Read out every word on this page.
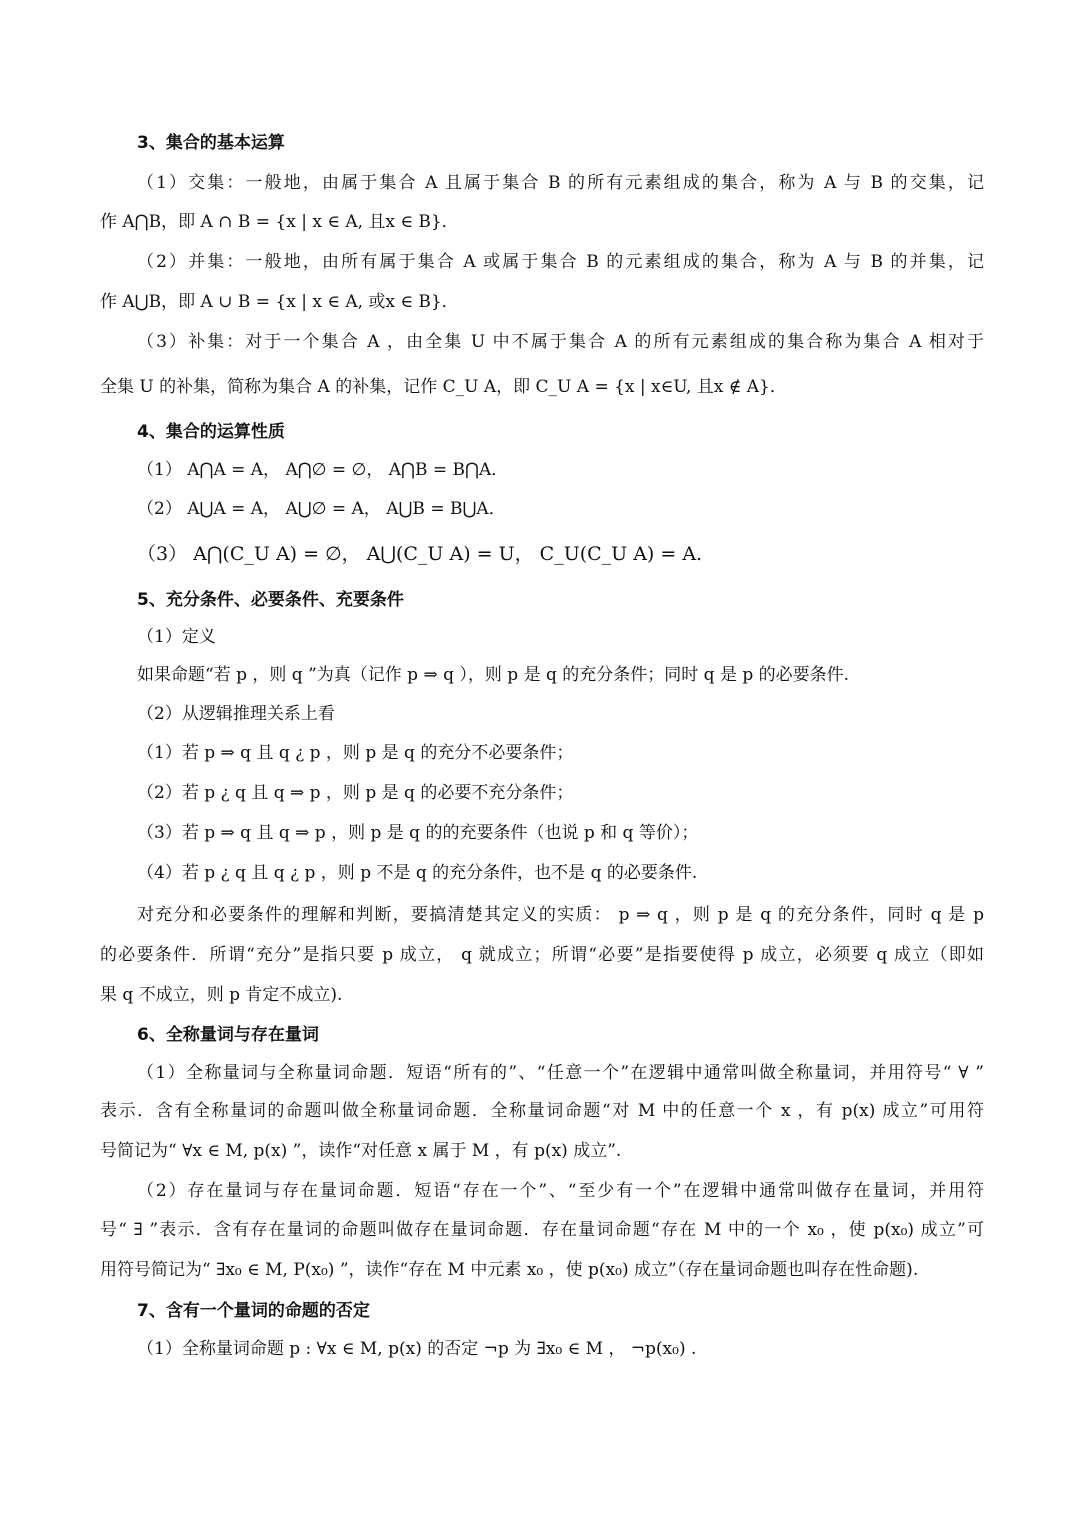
3、集合的基本运算
（1）交集：一般地，由属于集合 A 且属于集合 B 的所有元素组成的集合，称为 A 与 B 的交集，记
作 A⋂B，即 A ∩ B = {x | x ∈ A, 且x ∈ B}．
（2）并集：一般地，由所有属于集合 A 或属于集合 B 的元素组成的集合，称为 A 与 B 的并集，记
作 A⋃B，即 A ∪ B = {x | x ∈ A, 或x ∈ B}．
（3）补集：对于一个集合 A ，由全集 U 中不属于集合 A 的所有元素组成的集合称为集合 A 相对于
全集 U 的补集，简称为集合 A 的补集，记作 C_U A，即 C_U A = {x | x∈U, 且x ∉ A}．
4、集合的运算性质
（1） A⋂A = A， A⋂∅ = ∅， A⋂B = B⋂A．
（2） A⋃A = A， A⋃∅ = A， A⋃B = B⋃A．
（3） A⋂(C_U A) = ∅， A⋃(C_U A) = U， C_U(C_U A) = A.
5、充分条件、必要条件、充要条件
（1）定义
如果命题“若 p ，则 q ”为真（记作 p ⇒ q ），则 p 是 q 的充分条件；同时 q 是 p 的必要条件.
（2）从逻辑推理关系上看
（1）若 p ⇒ q 且 q ¿ p ，则 p 是 q 的充分不必要条件；
（2）若 p ¿ q 且 q ⇒ p ，则 p 是 q 的必要不充分条件；
（3）若 p ⇒ q 且 q ⇒ p ，则 p 是 q 的的充要条件（也说 p 和 q 等价）；
（4）若 p ¿ q 且 q ¿ p ，则 p 不是 q 的充分条件，也不是 q 的必要条件.
对充分和必要条件的理解和判断，要搞清楚其定义的实质： p ⇒ q ，则 p 是 q 的充分条件，同时 q 是 p
的必要条件．所谓“充分”是指只要 p 成立， q 就成立；所谓“必要”是指要使得 p 成立，必须要 q 成立（即如
果 q 不成立，则 p 肯定不成立).
6、全称量词与存在量词
（1）全称量词与全称量词命题．短语“所有的”、“任意一个”在逻辑中通常叫做全称量词，并用符号“ ∀ ”
表示．含有全称量词的命题叫做全称量词命题．全称量词命题“对 M 中的任意一个 x ，有 p(x) 成立”可用符
号简记为“ ∀x ∈ M, p(x) ”，读作“对任意 x 属于 M ，有 p(x) 成立”.
（2）存在量词与存在量词命题．短语“存在一个”、“至少有一个”在逻辑中通常叫做存在量词，并用符
号“ ∃ ”表示．含有存在量词的命题叫做存在量词命题．存在量词命题“存在 M 中的一个 x₀ ，使 p(x₀) 成立”可
用符号简记为“ ∃x₀ ∈ M, P(x₀) ”，读作“存在 M 中元素 x₀ ，使 p(x₀) 成立”（存在量词命题也叫存在性命题).
7、含有一个量词的命题的否定
（1）全称量词命题 p : ∀x ∈ M, p(x) 的否定 ¬p 为 ∃x₀ ∈ M ， ¬p(x₀) .
